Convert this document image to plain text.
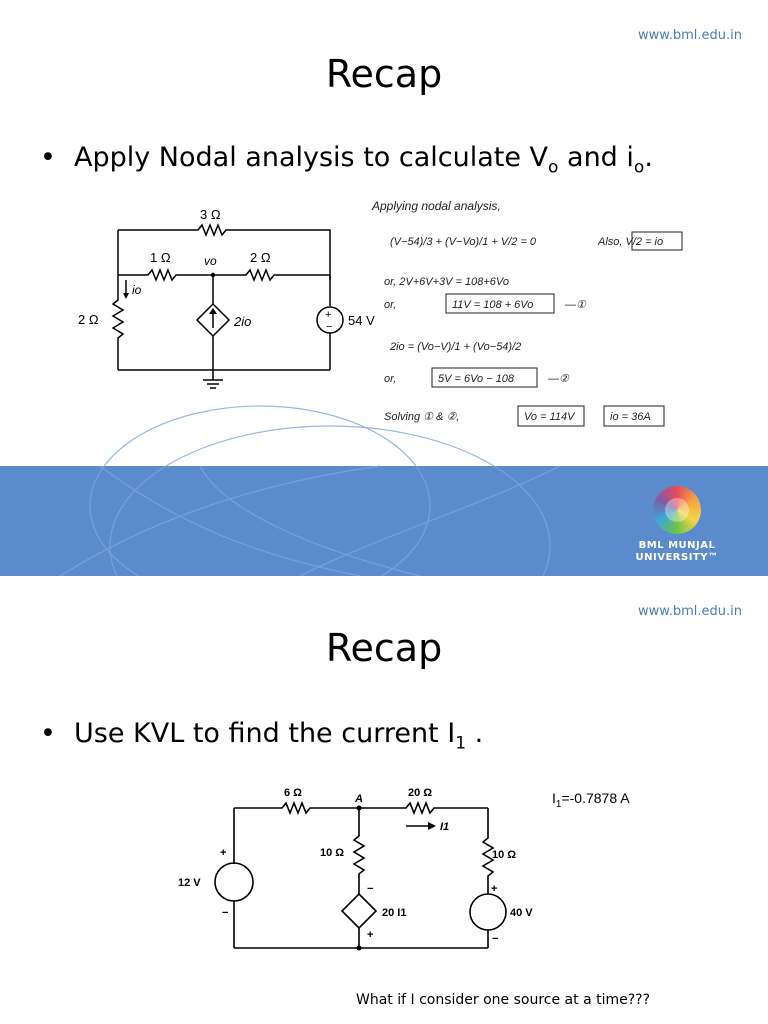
www.bml.edu.in
Recap
• Apply Nodal analysis to calculate $V_o$ and $i_o$.
3 Ω
1 Ω	2 Ω
2 Ω
vo
io
2io	54 V
+
−
Applying nodal analysis,
(V−54)/3 + (V−Vo)/1 + V/2 = 0	Also, V/2 = io
or, 2V+6V+3V = 108+6Vo
or,	11V = 108 + 6Vo	—①
2io = (Vo−V)/1 + (Vo−54)/2
or,	5V = 6Vo − 108	—②
Solving ① & ②,	Vo = 114V	io = 36A
BML MUNJAL
UNIVERSITY™
www.bml.edu.in
Recap
• Use KVL to find the current $I_1$ .
6 Ω	A	20 Ω
I1
10 Ω	10 Ω
12 V
40 V
20 I1
+
−
−
+
+
−
$I_1=-0.7878$ A
What if I consider one source at a time???
